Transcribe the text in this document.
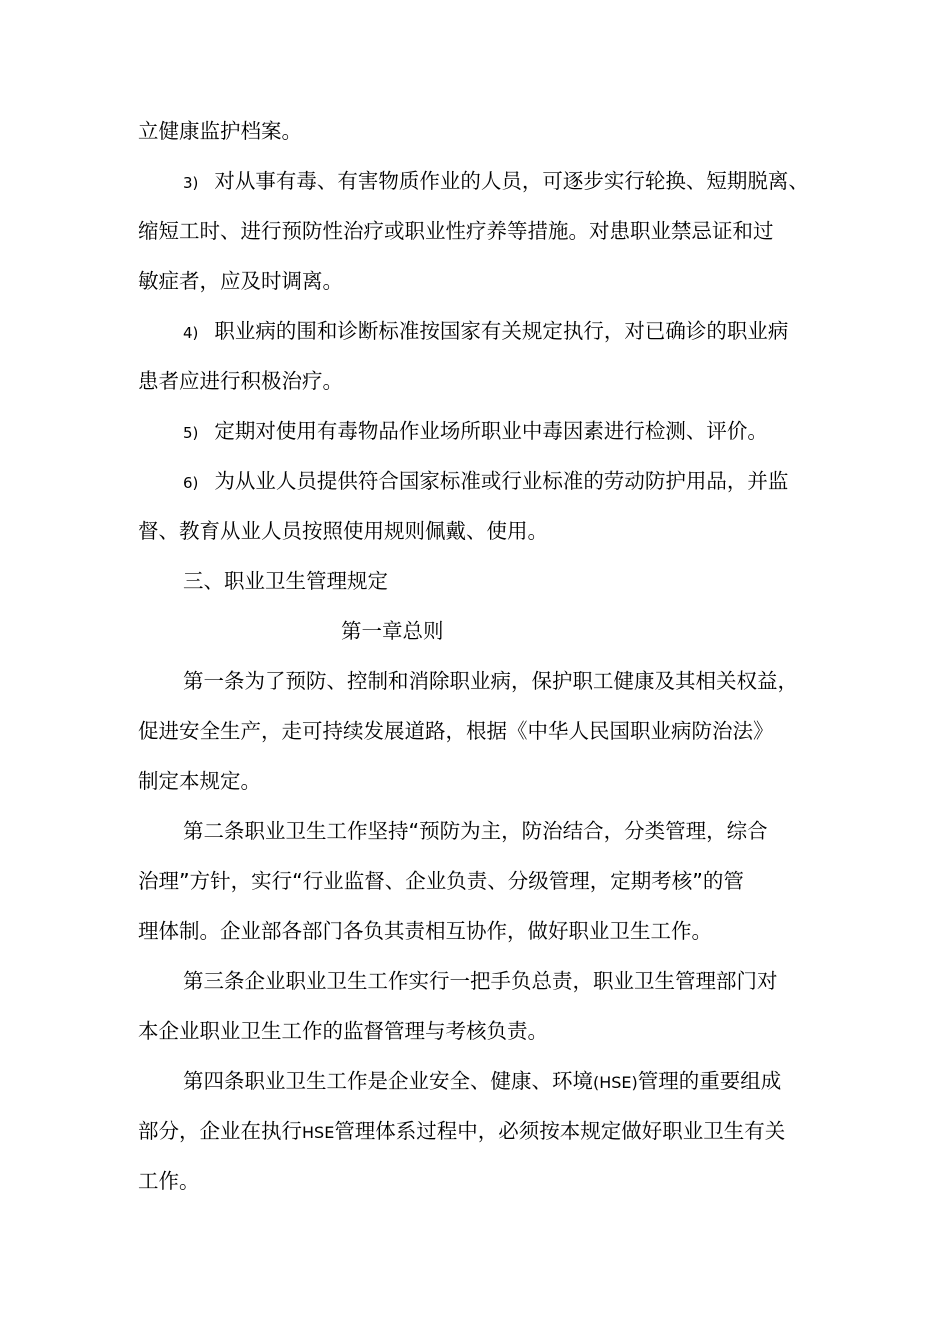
立健康监护档案。
3) 对从事有毒、有害物质作业的人员，可逐步实行轮换、短期脱离、
缩短工时、进行预防性治疗或职业性疗养等措施。对患职业禁忌证和过
敏症者，应及时调离。
4) 职业病的围和诊断标准按国家有关规定执行，对已确诊的职业病
患者应进行积极治疗。
5) 定期对使用有毒物品作业场所职业中毒因素进行检测、评价。
6) 为从业人员提供符合国家标准或行业标准的劳动防护用品，并监
督、教育从业人员按照使用规则佩戴、使用。
三、职业卫生管理规定
第一章总则
第一条为了预防、控制和消除职业病，保护职工健康及其相关权益，
促进安全生产，走可持续发展道路，根据《中华人民国职业病防治法》
制定本规定。
第二条职业卫生工作坚持“预防为主，防治结合，分类管理，综合
治理”方针，实行“行业监督、企业负责、分级管理，定期考核”的管
理体制。企业部各部门各负其责相互协作，做好职业卫生工作。
第三条企业职业卫生工作实行一把手负总责，职业卫生管理部门对
本企业职业卫生工作的监督管理与考核负责。
第四条职业卫生工作是企业安全、健康、环境(HSE)管理的重要组成
部分，企业在执行HSE管理体系过程中，必须按本规定做好职业卫生有关
工作。
